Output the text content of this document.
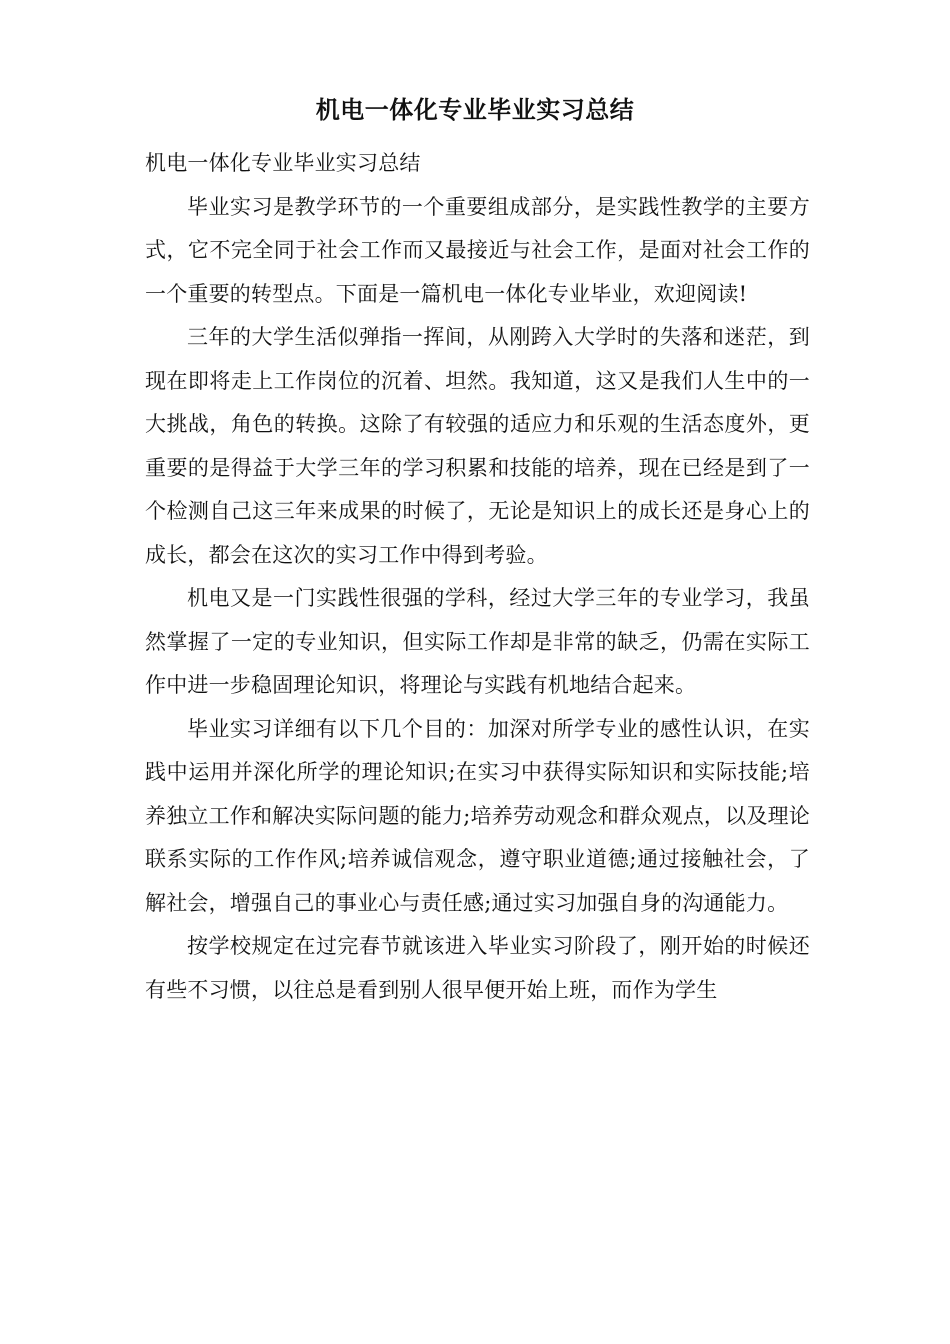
机电一体化专业毕业实习总结

机电一体化专业毕业实习总结

毕业实习是教学环节的一个重要组成部分，是实践性教学的主要方式，它不完全同于社会工作而又最接近与社会工作，是面对社会工作的一个重要的转型点。下面是一篇机电一体化专业毕业，欢迎阅读!

三年的大学生活似弹指一挥间，从刚跨入大学时的失落和迷茫，到现在即将走上工作岗位的沉着、坦然。我知道，这又是我们人生中的一大挑战，角色的转换。这除了有较强的适应力和乐观的生活态度外，更重要的是得益于大学三年的学习积累和技能的培养，现在已经是到了一个检测自己这三年来成果的时候了，无论是知识上的成长还是身心上的成长，都会在这次的实习工作中得到考验。

机电又是一门实践性很强的学科，经过大学三年的专业学习，我虽然掌握了一定的专业知识，但实际工作却是非常的缺乏，仍需在实际工作中进一步稳固理论知识，将理论与实践有机地结合起来。

毕业实习详细有以下几个目的：加深对所学专业的感性认识，在实践中运用并深化所学的理论知识;在实习中获得实际知识和实际技能;培养独立工作和解决实际问题的能力;培养劳动观念和群众观点，以及理论联系实际的工作作风;培养诚信观念，遵守职业道德;通过接触社会，了解社会，增强自己的事业心与责任感;通过实习加强自身的沟通能力。

按学校规定在过完春节就该进入毕业实习阶段了，刚开始的时候还有些不习惯，以往总是看到别人很早便开始上班，而作为学生
